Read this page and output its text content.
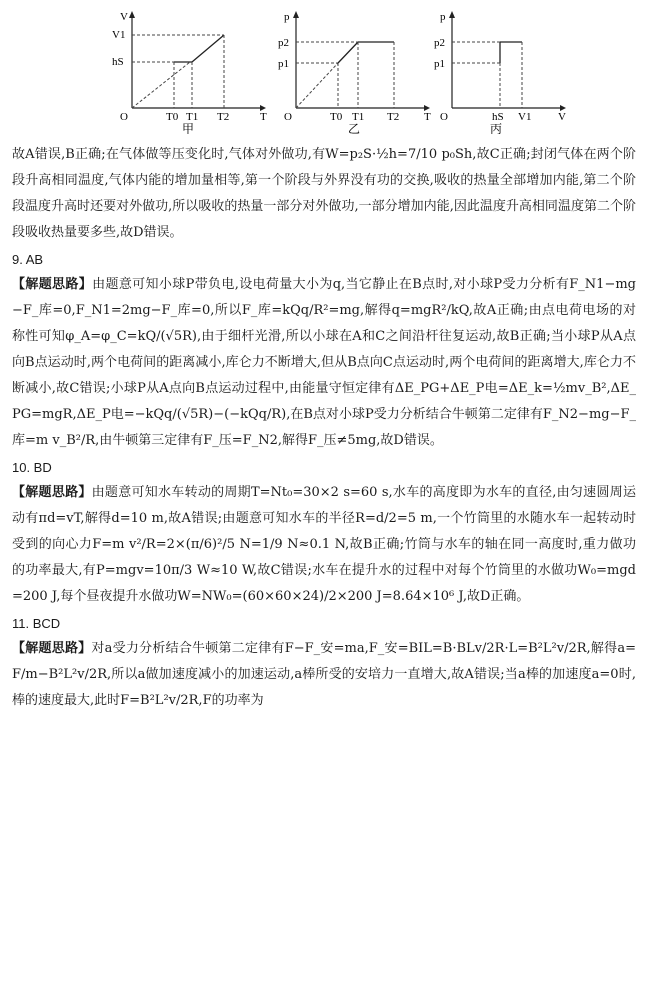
V
T
O
V1
hS
T0 T1 T2
甲
p
T
O
p2
p1
T0 T1 T2
乙
p
V
O
p2
p1
hS V1
丙

故A错误,B正确;在气体做等压变化时,气体对外做功,有W=p₂S·½h=7/10 p₀Sh,故C正确;封闭气体在两个阶段升高相同温度,气体内能的增加量相等,第一个阶段与外界没有功的交换,吸收的热量全部增加内能,第二个阶段温度升高时还要对外做功,所以吸收的热量一部分对外做功,一部分增加内能,因此温度升高相同温度第二个阶段吸收热量要多些,故D错误。

9. AB

【解题思路】由题意可知小球P带负电,设电荷量大小为q,当它静止在B点时,对小球P受力分析有F_N1−mg−F_库=0,F_N1=2mg−F_库=0,所以F_库=kQq/R²=mg,解得q=mgR²/kQ,故A正确;由点电荷电场的对称性可知φ_A=φ_C=kQ/(√5R),由于细杆光滑,所以小球在A和C之间沿杆往复运动,故B正确;当小球P从A点向B点运动时,两个电荷间的距离减小,库仑力不断增大,但从B点向C点运动时,两个电荷间的距离增大,库仑力不断减小,故C错误;小球P从A点向B点运动过程中,由能量守恒定律有ΔE_PG+ΔE_P电=ΔE_k=½mv_B²,ΔE_PG=mgR,ΔE_P电=−kQq/(√5R)−(−kQq/R),在B点对小球P受力分析结合牛顿第二定律有F_N2−mg−F_库=m v_B²/R,由牛顿第三定律有F_压=F_N2,解得F_压≠5mg,故D错误。

10. BD

【解题思路】由题意可知水车转动的周期T=Nt₀=30×2 s=60 s,水车的高度即为水车的直径,由匀速圆周运动有πd=vT,解得d=10 m,故A错误;由题意可知水车的半径R=d/2=5 m,一个竹筒里的水随水车一起转动时受到的向心力F=m v²/R=2×(π/6)²/5 N=1/9 N≈0.1 N,故B正确;竹筒与水车的轴在同一高度时,重力做功的功率最大,有P=mgv=10π/3 W≈10 W,故C错误;水车在提升水的过程中对每个竹筒里的水做功W₀=mgd=200 J,每个昼夜提升水做功W=NW₀=(60×60×24)/2×200 J=8.64×10⁶ J,故D正确。

11. BCD

【解题思路】对a受力分析结合牛顿第二定律有F−F_安=ma,F_安=BIL=B·BLv/2R·L=B²L²v/2R,解得a=F/m−B²L²v/2R,所以a做加速度减小的加速运动,a棒所受的安培力一直增大,故A错误;当a棒的加速度a=0时,棒的速度最大,此时F=B²L²v/2R,F的功率为
